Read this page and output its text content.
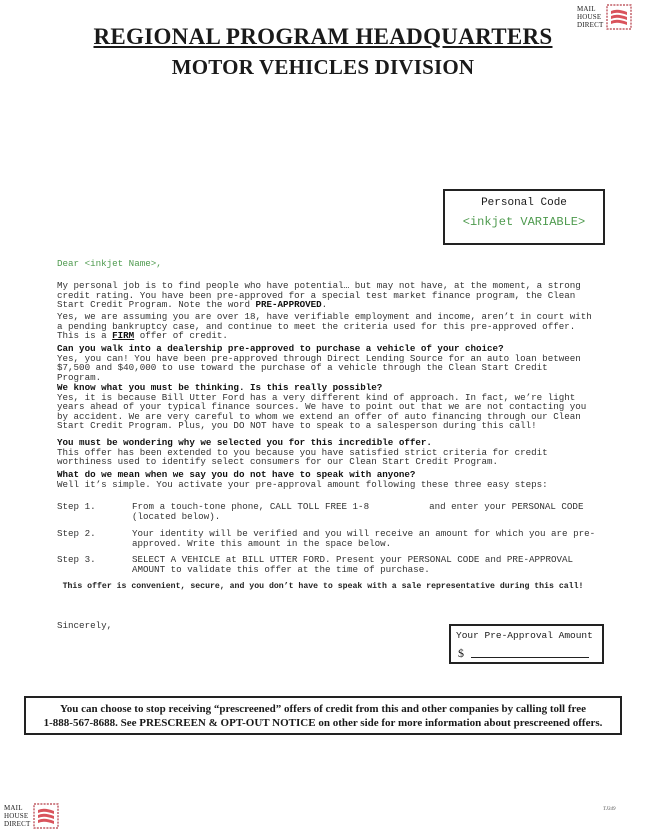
MAIL
HOUSE
DIRECT
REGIONAL PROGRAM HEADQUARTERS
MOTOR VEHICLES DIVISION
Personal Code
<inkjet VARIABLE>
Dear <inkjet Name>,
My personal job is to find people who have potential… but may not have, at the moment, a strong credit rating. You have been pre-approved for a special test market finance program, the Clean Start Credit Program. Note the word PRE-APPROVED.
Yes, we are assuming you are over 18, have verifiable employment and income, aren’t in court with a pending bankruptcy case, and continue to meet the criteria used for this pre-approved offer. This is a FIRM offer of credit.

Can you walk into a dealership pre-approved to purchase a vehicle of your choice?

Yes, you can! You have been pre-approved through Direct Lending Source for an auto loan between $7,500 and $40,000 to use toward the purchase of a vehicle through the Clean Start Credit Program.

We know what you must be thinking. Is this really possible?

Yes, it is because Bill Utter Ford has a very different kind of approach. In fact, we’re light years ahead of your typical finance sources. We have to point out that we are not contacting you by accident. We are very careful to whom we extend an offer of auto financing through our Clean Start Credit Program. Plus, you DO NOT have to speak to a salesperson during this call!

You must be wondering why we selected you for this incredible offer.

This offer has been extended to you because you have satisfied strict criteria for credit worthiness used to identify select consumers for our Clean Start Credit Program.

What do we mean when we say you do not have to speak with anyone?

Well it’s simple. You activate your pre-approval amount following these three easy steps:

Step 1.	From a touch-tone phone, CALL TOLL FREE 1-8	and enter your PERSONAL CODE (located below).
Step 2.	Your identity will be verified and you will receive an amount for which you are pre-approved. Write this amount in the space below.
Step 3.	SELECT A VEHICLE at BILL UTTER FORD. Present your PERSONAL CODE and PRE-APPROVAL AMOUNT to validate this offer at the time of purchase.
This offer is convenient, secure, and you don’t have to speak with a sale representative during this call!
Sincerely,
Your Pre-Approval Amount
$
You can choose to stop receiving “prescreened” offers of credit from this and other companies by calling toll free
1-888-567-8688. See PRESCREEN & OPT-OUT NOTICE on other side for more information about prescreened offers.
MAIL
HOUSE
DIRECT
TJ349
